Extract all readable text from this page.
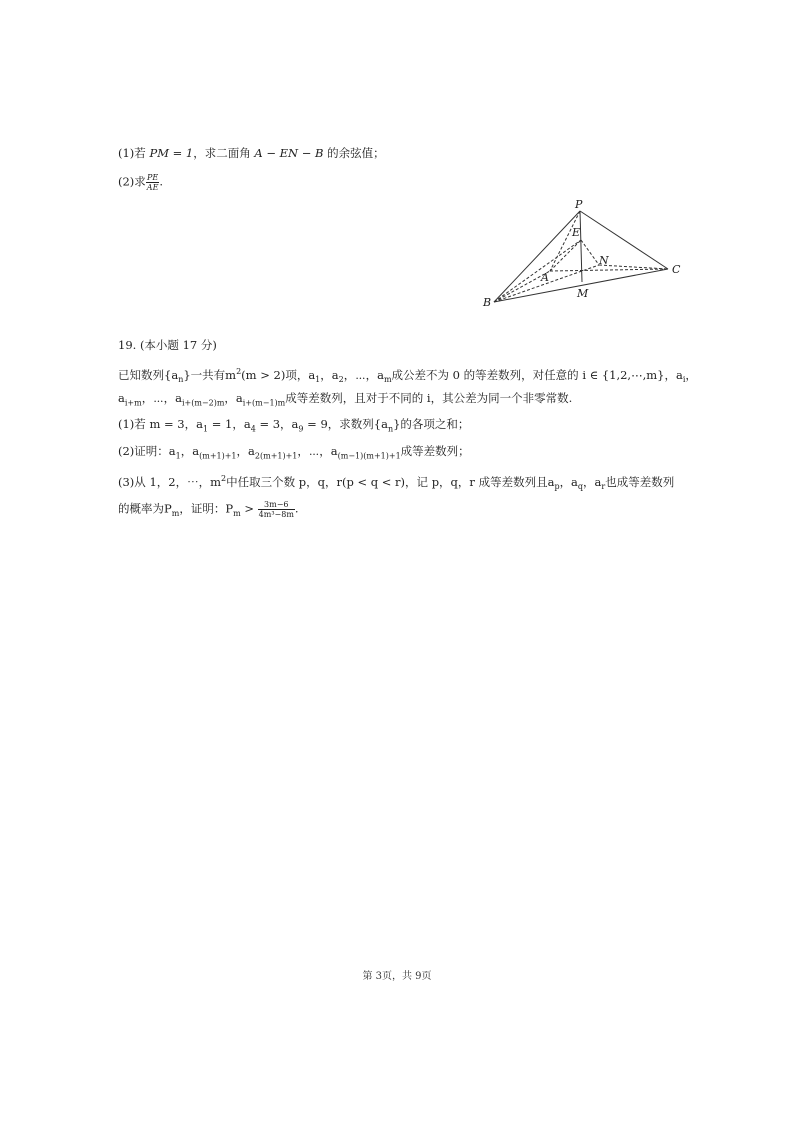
(1)若 PM = 1，求二面角 A − EN − B 的余弦值；
(2)求 $\frac{PE}{AE}$ .
P
E
N
A
C
B
M
19. (本小题 17 分)
已知数列$\{a_n\}$一共有$m^2(m > 2)$项，$a_1$，$a_2$，⋯，$a_m$成公差不为 0 的等差数列，对任意的 i ∈ {1,2,⋯,m}，$a_i$，
$a_{i+m}$，⋯，$a_{i+(m-2)m}$，$a_{i+(m-1)m}$成等差数列，且对于不同的 i，其公差为同一个非零常数.
(1)若 m = 3，$a_1 = 1$，$a_4 = 3$，$a_9 = 9$，求数列$\{a_n\}$的各项之和；
(2)证明：$a_1$，$a_{(m+1)+1}$，$a_{2(m+1)+1}$，⋯，$a_{(m-1)(m+1)+1}$成等差数列；
(3)从 1，2，⋯，$m^2$中任取三个数 p，q，r(p < q < r)，记 p，q，r 成等差数列且$a_p$，$a_q$，$a_r$也成等差数列
的概率为$P_m$，证明：$P_m > \frac{3m-6}{\text{4m³−8m}}$ .
第 3页，共 9页
